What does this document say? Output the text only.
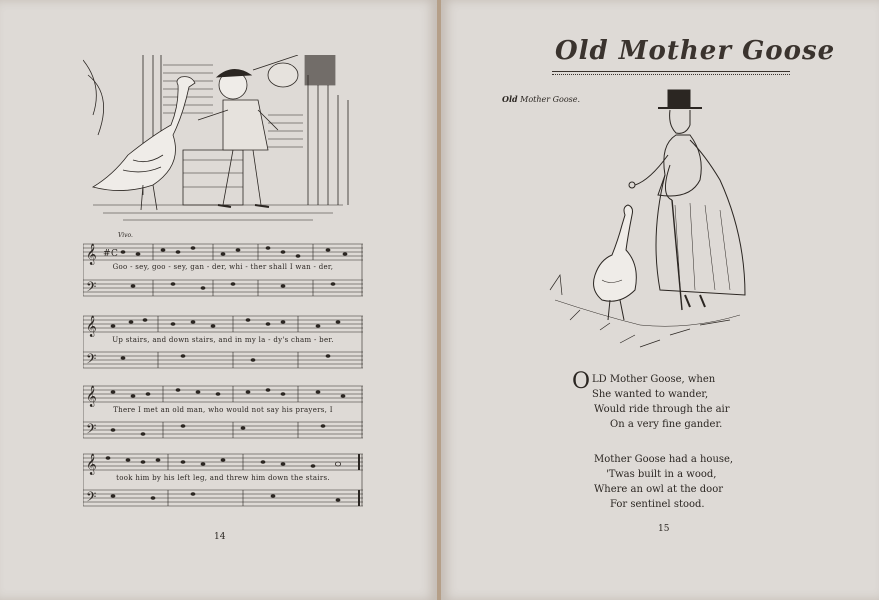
𝄞
𝄢
# C
Vivo.
Goo - sey, goo - sey, gan - der, whi - ther shall I wan - der,
𝄞
𝄢
Up stairs, and down stairs, and in my la - dy's cham - ber.
𝄞
𝄢
There I met an old man, who would not say his prayers, I
𝄞
𝄢
took him by his left leg, and threw him down the stairs.
14
Old Mother Goose
Old Mother Goose.
O LD Mother Goose, when
She wanted to wander,
Would ride through the air
On a very fine gander.
Mother Goose had a house,
'Twas built in a wood,
Where an owl at the door
For sentinel stood.
15
